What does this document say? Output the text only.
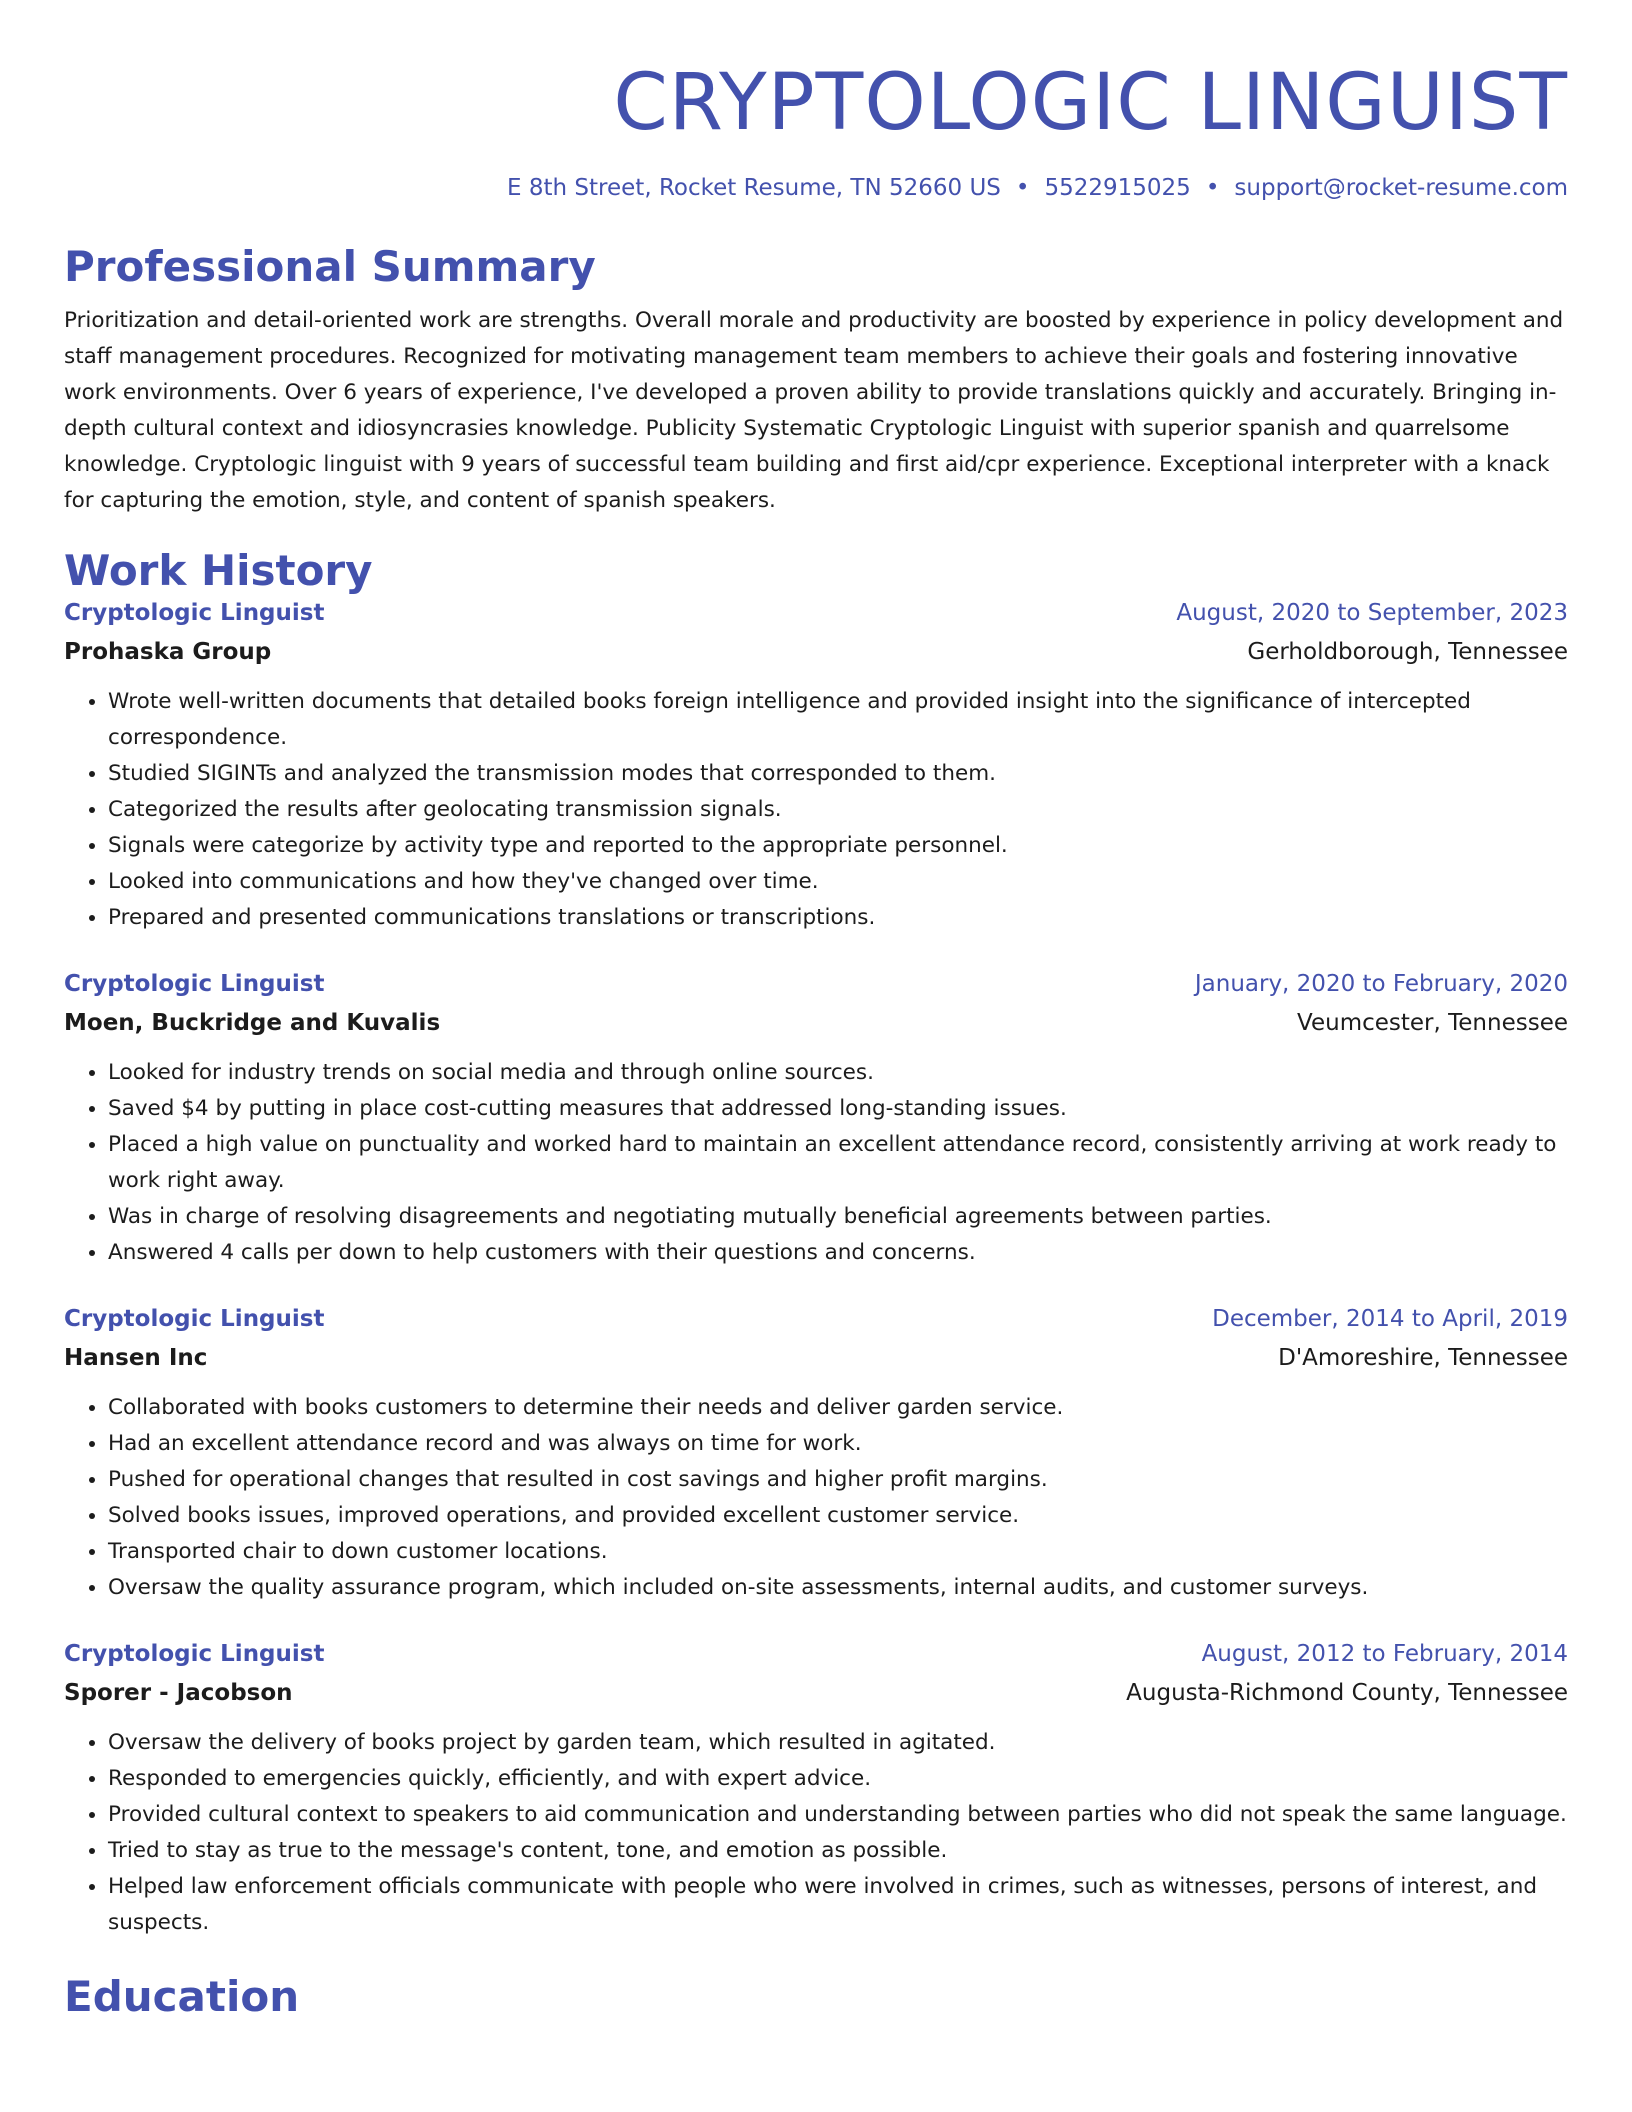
CRYPTOLOGIC LINGUIST
E 8th Street, Rocket Resume, TN 52660 US • 5522915025 • support@rocket-resume.com
Professional Summary

Prioritization and detail-oriented work are strengths. Overall morale and productivity are boosted by experience in policy development and staff management procedures. Recognized for motivating management team members to achieve their goals and fostering innovative work environments. Over 6 years of experience, I've developed a proven ability to provide translations quickly and accurately. Bringing in-depth cultural context and idiosyncrasies knowledge. Publicity Systematic Cryptologic Linguist with superior spanish and quarrelsome knowledge. Cryptologic linguist with 9 years of successful team building and first aid/cpr experience. Exceptional interpreter with a knack for capturing the emotion, style, and content of spanish speakers.

Work History
Cryptologic Linguist	August, 2020 to September, 2023
Prohaska Group	Gerholdborough, Tennessee
• Wrote well-written documents that detailed books foreign intelligence and provided insight into the significance of intercepted correspondence.
• Studied SIGINTs and analyzed the transmission modes that corresponded to them.
• Categorized the results after geolocating transmission signals.
• Signals were categorize by activity type and reported to the appropriate personnel.
• Looked into communications and how they've changed over time.
• Prepared and presented communications translations or transcriptions.
Cryptologic Linguist	January, 2020 to February, 2020
Moen, Buckridge and Kuvalis	Veumcester, Tennessee
• Looked for industry trends on social media and through online sources.
• Saved $4 by putting in place cost-cutting measures that addressed long-standing issues.
• Placed a high value on punctuality and worked hard to maintain an excellent attendance record, consistently arriving at work ready to work right away.
• Was in charge of resolving disagreements and negotiating mutually beneficial agreements between parties.
• Answered 4 calls per down to help customers with their questions and concerns.
Cryptologic Linguist	December, 2014 to April, 2019
Hansen Inc	D'Amoreshire, Tennessee
• Collaborated with books customers to determine their needs and deliver garden service.
• Had an excellent attendance record and was always on time for work.
• Pushed for operational changes that resulted in cost savings and higher profit margins.
• Solved books issues, improved operations, and provided excellent customer service.
• Transported chair to down customer locations.
• Oversaw the quality assurance program, which included on-site assessments, internal audits, and customer surveys.
Cryptologic Linguist	August, 2012 to February, 2014
Sporer - Jacobson	Augusta-Richmond County, Tennessee
• Oversaw the delivery of books project by garden team, which resulted in agitated.
• Responded to emergencies quickly, efficiently, and with expert advice.
• Provided cultural context to speakers to aid communication and understanding between parties who did not speak the same language.
• Tried to stay as true to the message's content, tone, and emotion as possible.
• Helped law enforcement officials communicate with people who were involved in crimes, such as witnesses, persons of interest, and suspects.
Education
